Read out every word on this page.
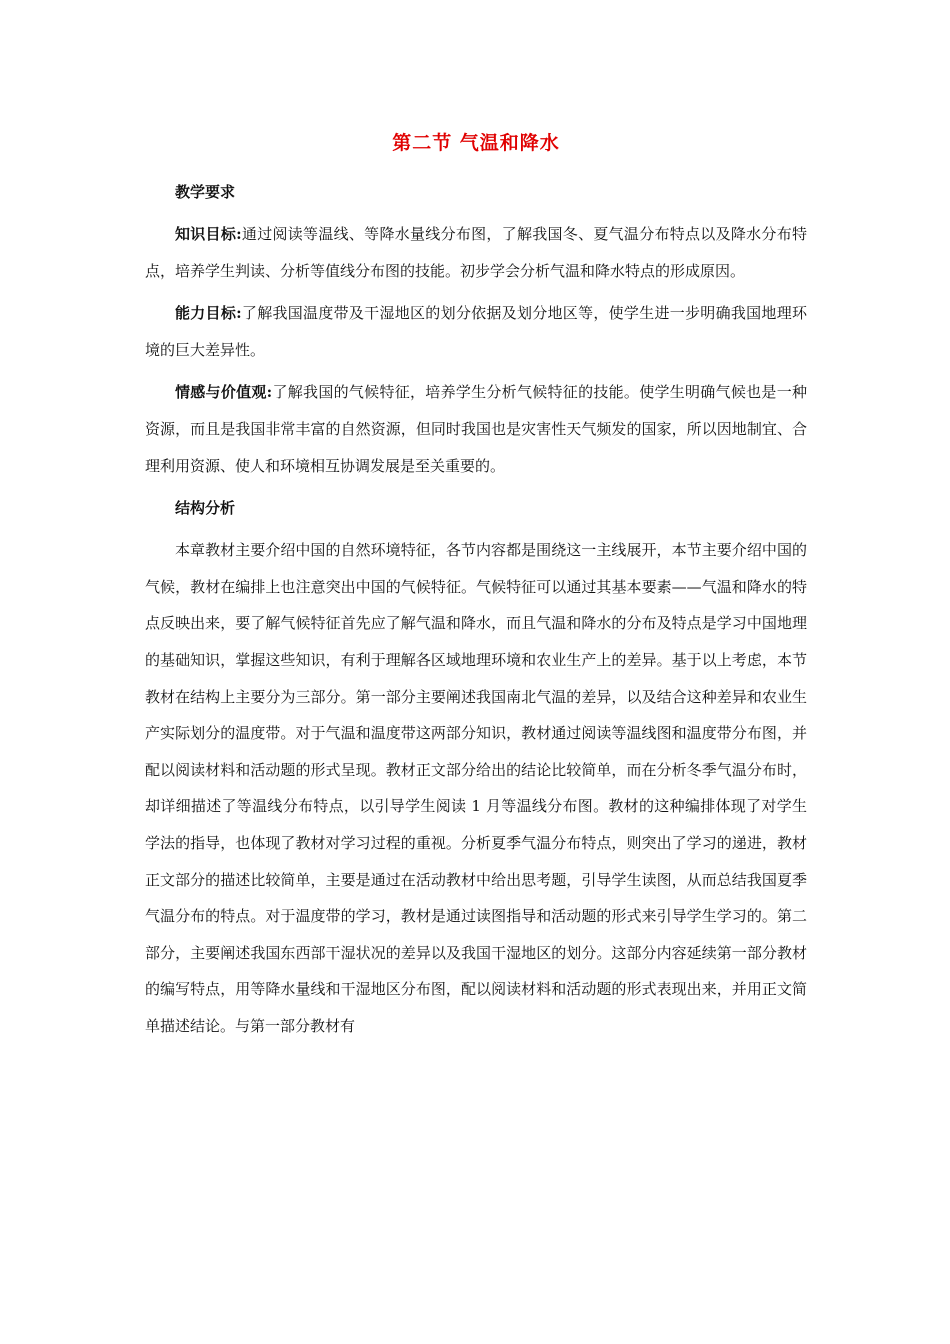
第二节 气温和降水
教学要求

知识目标:通过阅读等温线、等降水量线分布图，了解我国冬、夏气温分布特点以及降水分布特点，培养学生判读、分析等值线分布图的技能。初步学会分析气温和降水特点的形成原因。

能力目标:了解我国温度带及干湿地区的划分依据及划分地区等，使学生进一步明确我国地理环境的巨大差异性。

情感与价值观:了解我国的气候特征，培养学生分析气候特征的技能。使学生明确气候也是一种资源，而且是我国非常丰富的自然资源，但同时我国也是灾害性天气频发的国家，所以因地制宜、合理利用资源、使人和环境相互协调发展是至关重要的。

结构分析

本章教材主要介绍中国的自然环境特征，各节内容都是围绕这一主线展开，本节主要介绍中国的气候，教材在编排上也注意突出中国的气候特征。气候特征可以通过其基本要素——气温和降水的特点反映出来，要了解气候特征首先应了解气温和降水，而且气温和降水的分布及特点是学习中国地理的基础知识，掌握这些知识，有利于理解各区域地理环境和农业生产上的差异。基于以上考虑，本节教材在结构上主要分为三部分。第一部分主要阐述我国南北气温的差异，以及结合这种差异和农业生产实际划分的温度带。对于气温和温度带这两部分知识，教材通过阅读等温线图和温度带分布图，并配以阅读材料和活动题的形式呈现。教材正文部分给出的结论比较简单，而在分析冬季气温分布时，却详细描述了等温线分布特点，以引导学生阅读 1 月等温线分布图。教材的这种编排体现了对学生学法的指导，也体现了教材对学习过程的重视。分析夏季气温分布特点，则突出了学习的递进，教材正文部分的描述比较简单，主要是通过在活动教材中给出思考题，引导学生读图，从而总结我国夏季气温分布的特点。对于温度带的学习，教材是通过读图指导和活动题的形式来引导学生学习的。第二部分，主要阐述我国东西部干湿状况的差异以及我国干湿地区的划分。这部分内容延续第一部分教材的编写特点，用等降水量线和干湿地区分布图，配以阅读材料和活动题的形式表现出来，并用正文简单描述结论。与第一部分教材有
